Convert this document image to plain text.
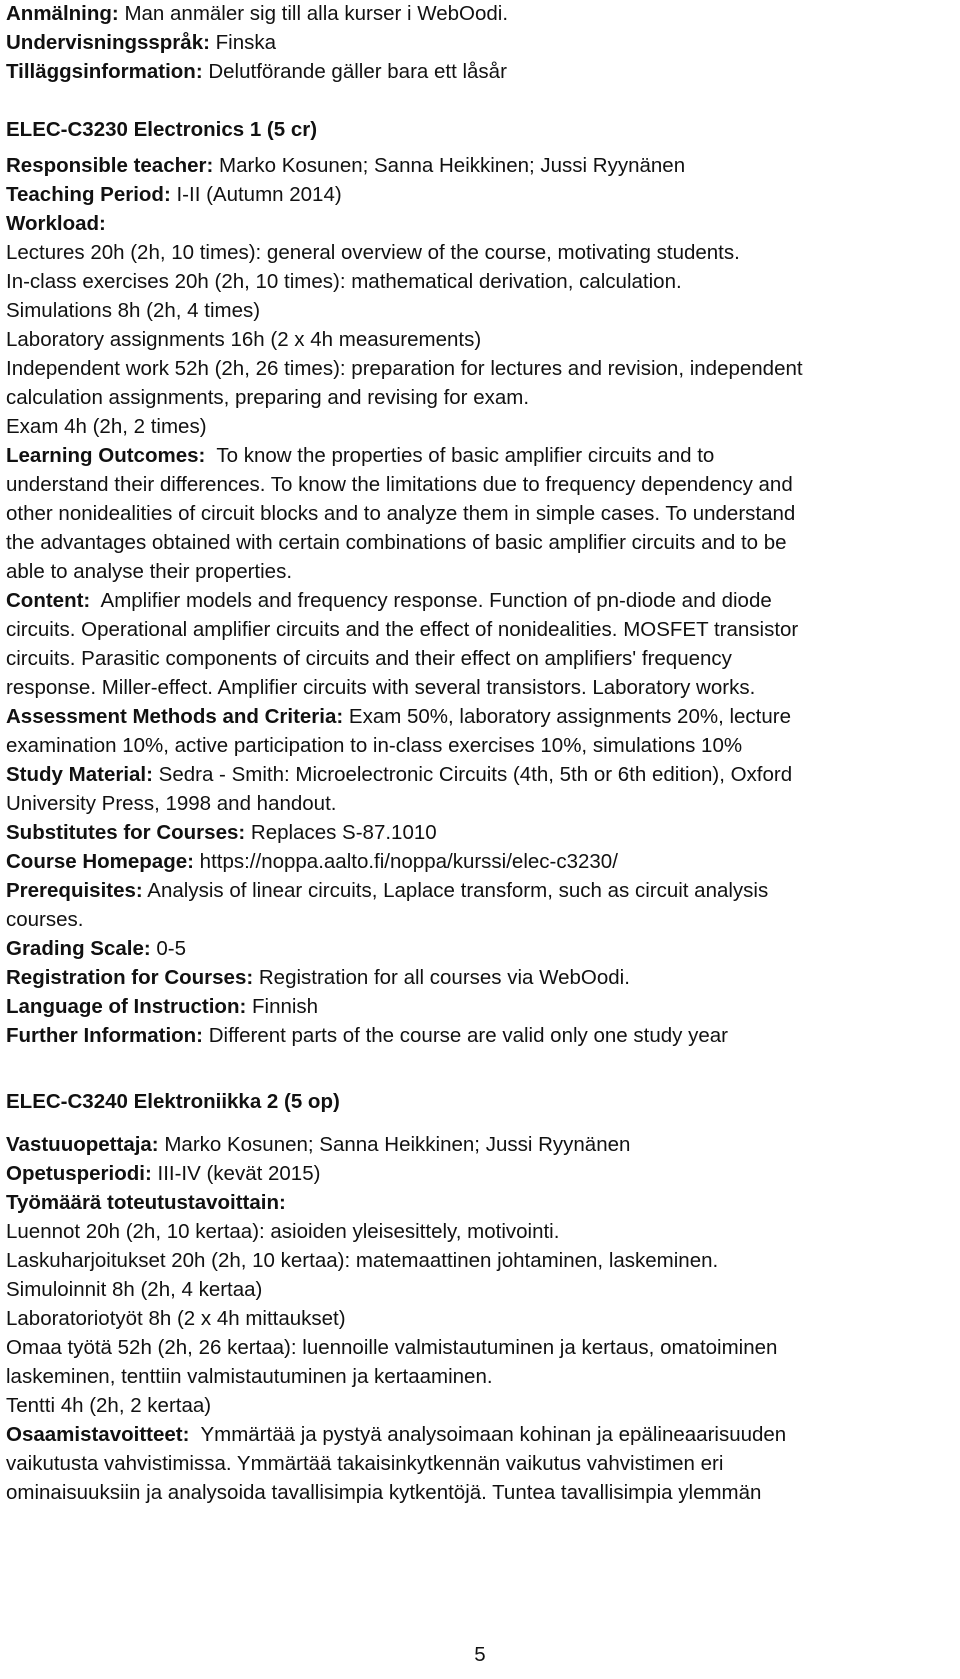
Anmälning: Man anmäler sig till alla kurser i WebOodi.
Undervisningsspråk: Finska
Tilläggsinformation: Delutförande gäller bara ett låsår
ELEC-C3230 Electronics 1 (5 cr)
Responsible teacher: Marko Kosunen; Sanna Heikkinen; Jussi Ryynänen
Teaching Period: I-II (Autumn 2014)
Workload:
Lectures 20h (2h, 10 times): general overview of the course, motivating students.
In-class exercises 20h (2h, 10 times): mathematical derivation, calculation.
Simulations 8h (2h, 4 times)
Laboratory assignments 16h (2 x 4h measurements)
Independent work 52h (2h, 26 times): preparation for lectures and revision, independent
calculation assignments, preparing and revising for exam.
Exam 4h (2h, 2 times)
Learning Outcomes:  To know the properties of basic amplifier circuits and to
understand their differences. To know the limitations due to frequency dependency and
other nonidealities of circuit blocks and to analyze them in simple cases. To understand
the advantages obtained with certain combinations of basic amplifier circuits and to be
able to analyse their properties.
Content:  Amplifier models and frequency response. Function of pn-diode and diode
circuits. Operational amplifier circuits and the effect of nonidealities. MOSFET transistor
circuits. Parasitic components of circuits and their effect on amplifiers' frequency
response. Miller-effect. Amplifier circuits with several transistors. Laboratory works.
Assessment Methods and Criteria: Exam 50%, laboratory assignments 20%, lecture
examination 10%, active participation to in-class exercises 10%, simulations 10%
Study Material: Sedra - Smith: Microelectronic Circuits (4th, 5th or 6th edition), Oxford
University Press, 1998 and handout.
Substitutes for Courses: Replaces S-87.1010
Course Homepage: https://noppa.aalto.fi/noppa/kurssi/elec-c3230/
Prerequisites: Analysis of linear circuits, Laplace transform, such as circuit analysis
courses.
Grading Scale: 0-5
Registration for Courses: Registration for all courses via WebOodi.
Language of Instruction: Finnish
Further Information: Different parts of the course are valid only one study year
ELEC-C3240 Elektroniikka 2 (5 op)
Vastuuopettaja: Marko Kosunen; Sanna Heikkinen; Jussi Ryynänen
Opetusperiodi: III-IV (kevät 2015)
Työmäärä toteutustavoittain:
Luennot 20h (2h, 10 kertaa): asioiden yleisesittely, motivointi.
Laskuharjoitukset 20h (2h, 10 kertaa): matemaattinen johtaminen, laskeminen.
Simuloinnit 8h (2h, 4 kertaa)
Laboratoriotyöt 8h (2 x 4h mittaukset)
Omaa työtä 52h (2h, 26 kertaa): luennoille valmistautuminen ja kertaus, omatoiminen
laskeminen, tenttiin valmistautuminen ja kertaaminen.
Tentti 4h (2h, 2 kertaa)
Osaamistavoitteet:  Ymmärtää ja pystyä analysoimaan kohinan ja epälineaarisuuden
vaikutusta vahvistimissa. Ymmärtää takaisinkytkennän vaikutus vahvistimen eri
ominaisuuksiin ja analysoida tavallisimpia kytkentöjä. Tuntea tavallisimpia ylemmän
5
